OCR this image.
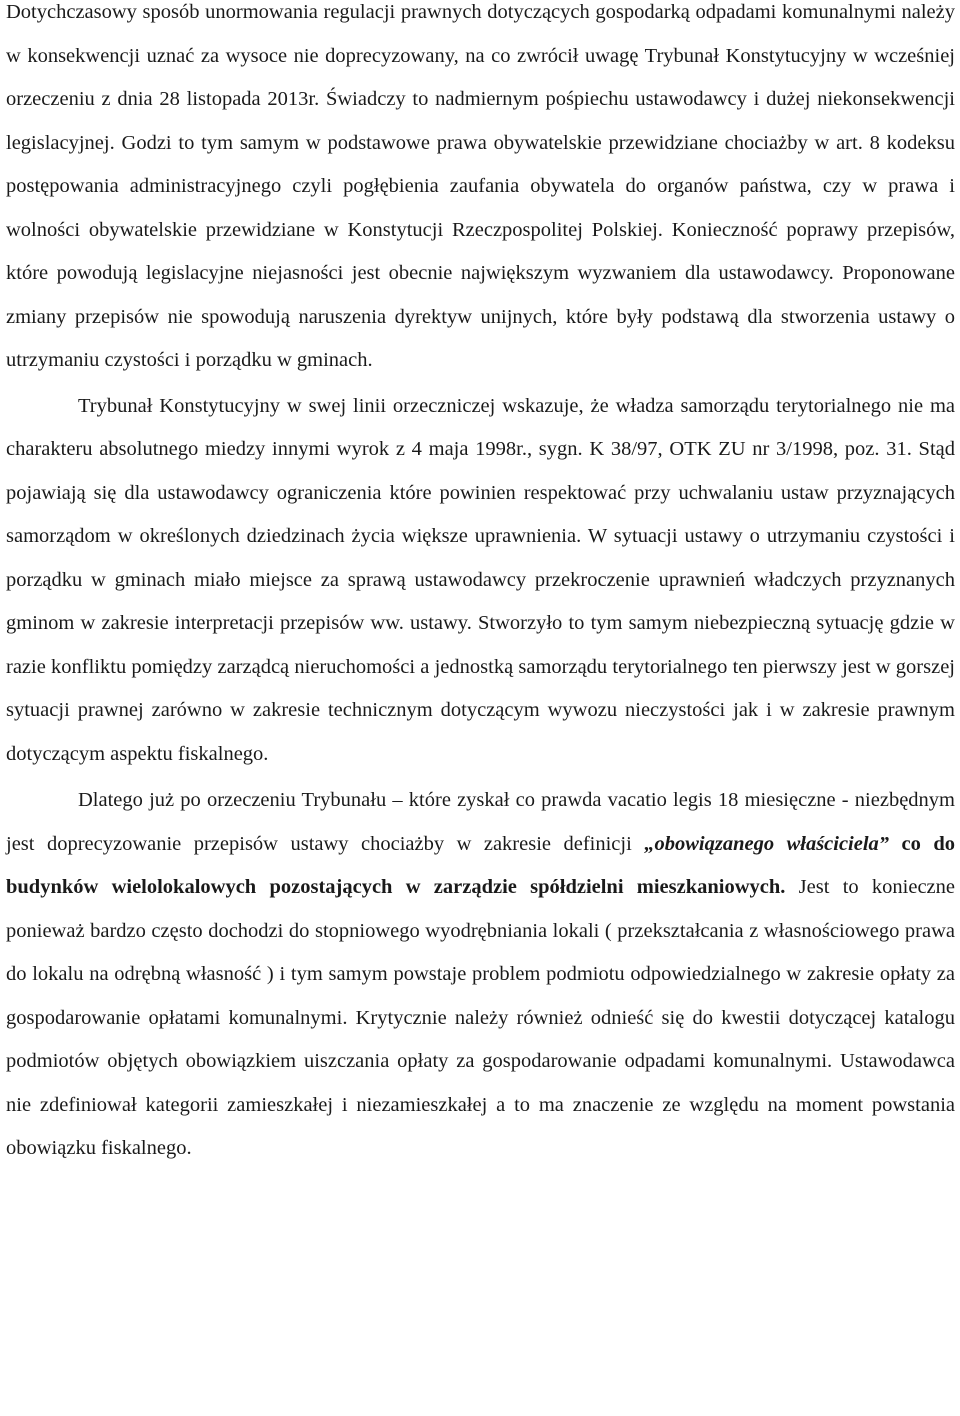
Dotychczasowy sposób unormowania regulacji prawnych dotyczących gospodarką odpadami komunalnymi należy w konsekwencji uznać za wysoce nie doprecyzowany, na co zwrócił uwagę Trybunał Konstytucyjny w wcześniej orzeczeniu z dnia 28 listopada 2013r. Świadczy to nadmiernym pośpiechu ustawodawcy i dużej niekonsekwencji legislacyjnej. Godzi to tym samym w podstawowe prawa obywatelskie przewidziane chociażby w art. 8 kodeksu postępowania administracyjnego czyli pogłębienia zaufania obywatela do organów państwa, czy w prawa i wolności obywatelskie przewidziane w Konstytucji Rzeczpospolitej Polskiej. Konieczność poprawy przepisów, które powodują legislacyjne niejasności jest obecnie największym wyzwaniem dla ustawodawcy. Proponowane zmiany przepisów nie spowodują naruszenia dyrektyw unijnych, które były podstawą dla stworzenia ustawy o utrzymaniu czystości i porządku w gminach.

Trybunał Konstytucyjny w swej linii orzeczniczej wskazuje, że władza samorządu terytorialnego nie ma charakteru absolutnego miedzy innymi wyrok z 4 maja 1998r., sygn. K 38/97, OTK ZU nr 3/1998, poz. 31. Stąd pojawiają się dla ustawodawcy ograniczenia które powinien respektować przy uchwalaniu ustaw przyznających samorządom w określonych dziedzinach życia większe uprawnienia. W sytuacji ustawy o utrzymaniu czystości i porządku w gminach miało miejsce za sprawą ustawodawcy przekroczenie uprawnień władczych przyznanych gminom w zakresie interpretacji przepisów ww. ustawy. Stworzyło to tym samym niebezpieczną sytuację gdzie w razie konfliktu pomiędzy zarządcą nieruchomości a jednostką samorządu terytorialnego ten pierwszy jest w gorszej sytuacji prawnej zarówno w zakresie technicznym dotyczącym wywozu nieczystości jak i w zakresie prawnym dotyczącym aspektu fiskalnego.

Dlatego już po orzeczeniu Trybunału – które zyskał co prawda vacatio legis 18 miesięczne - niezbędnym jest doprecyzowanie przepisów ustawy chociażby w zakresie definicji „obowiązanego właściciela” co do budynków wielolokalowych pozostających w zarządzie spółdzielni mieszkaniowych. Jest to konieczne ponieważ bardzo często dochodzi do stopniowego wyodrębniania lokali ( przekształcania z własnościowego prawa do lokalu na odrębną własność ) i tym samym powstaje problem podmiotu odpowiedzialnego w zakresie opłaty za gospodarowanie opłatami komunalnymi. Krytycznie należy również odnieść się do kwestii dotyczącej katalogu podmiotów objętych obowiązkiem uiszczania opłaty za gospodarowanie odpadami komunalnymi. Ustawodawca nie zdefiniował kategorii zamieszkałej i niezamieszkałej a to ma znaczenie ze względu na moment powstania obowiązku fiskalnego.
